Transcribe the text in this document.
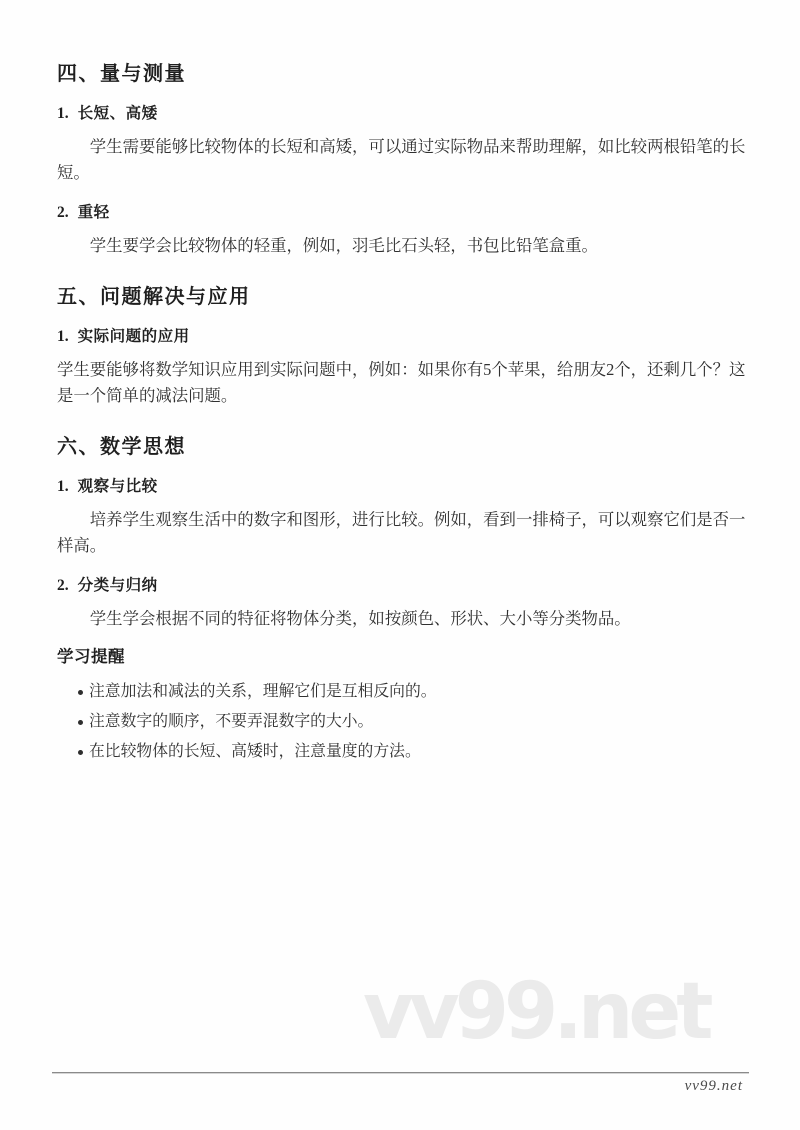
四、量与测量
1. 长短、高矮

学生需要能够比较物体的长短和高矮，可以通过实际物品来帮助理解，如比较两根铅笔的长短。

2. 重轻

学生要学会比较物体的轻重，例如，羽毛比石头轻，书包比铅笔盒重。

五、问题解决与应用
1. 实际问题的应用

学生要能够将数学知识应用到实际问题中，例如：如果你有5个苹果，给朋友2个，还剩几个？这是一个简单的减法问题。

六、数学思想
1. 观察与比较

培养学生观察生活中的数字和图形，进行比较。例如，看到一排椅子，可以观察它们是否一样高。

2. 分类与归纳

学生学会根据不同的特征将物体分类，如按颜色、形状、大小等分类物品。

学习提醒
注意加法和减法的关系，理解它们是互相反向的。
注意数字的顺序，不要弄混数字的大小。
在比较物体的长短、高矮时，注意量度的方法。
vv99.net
vv99.net
